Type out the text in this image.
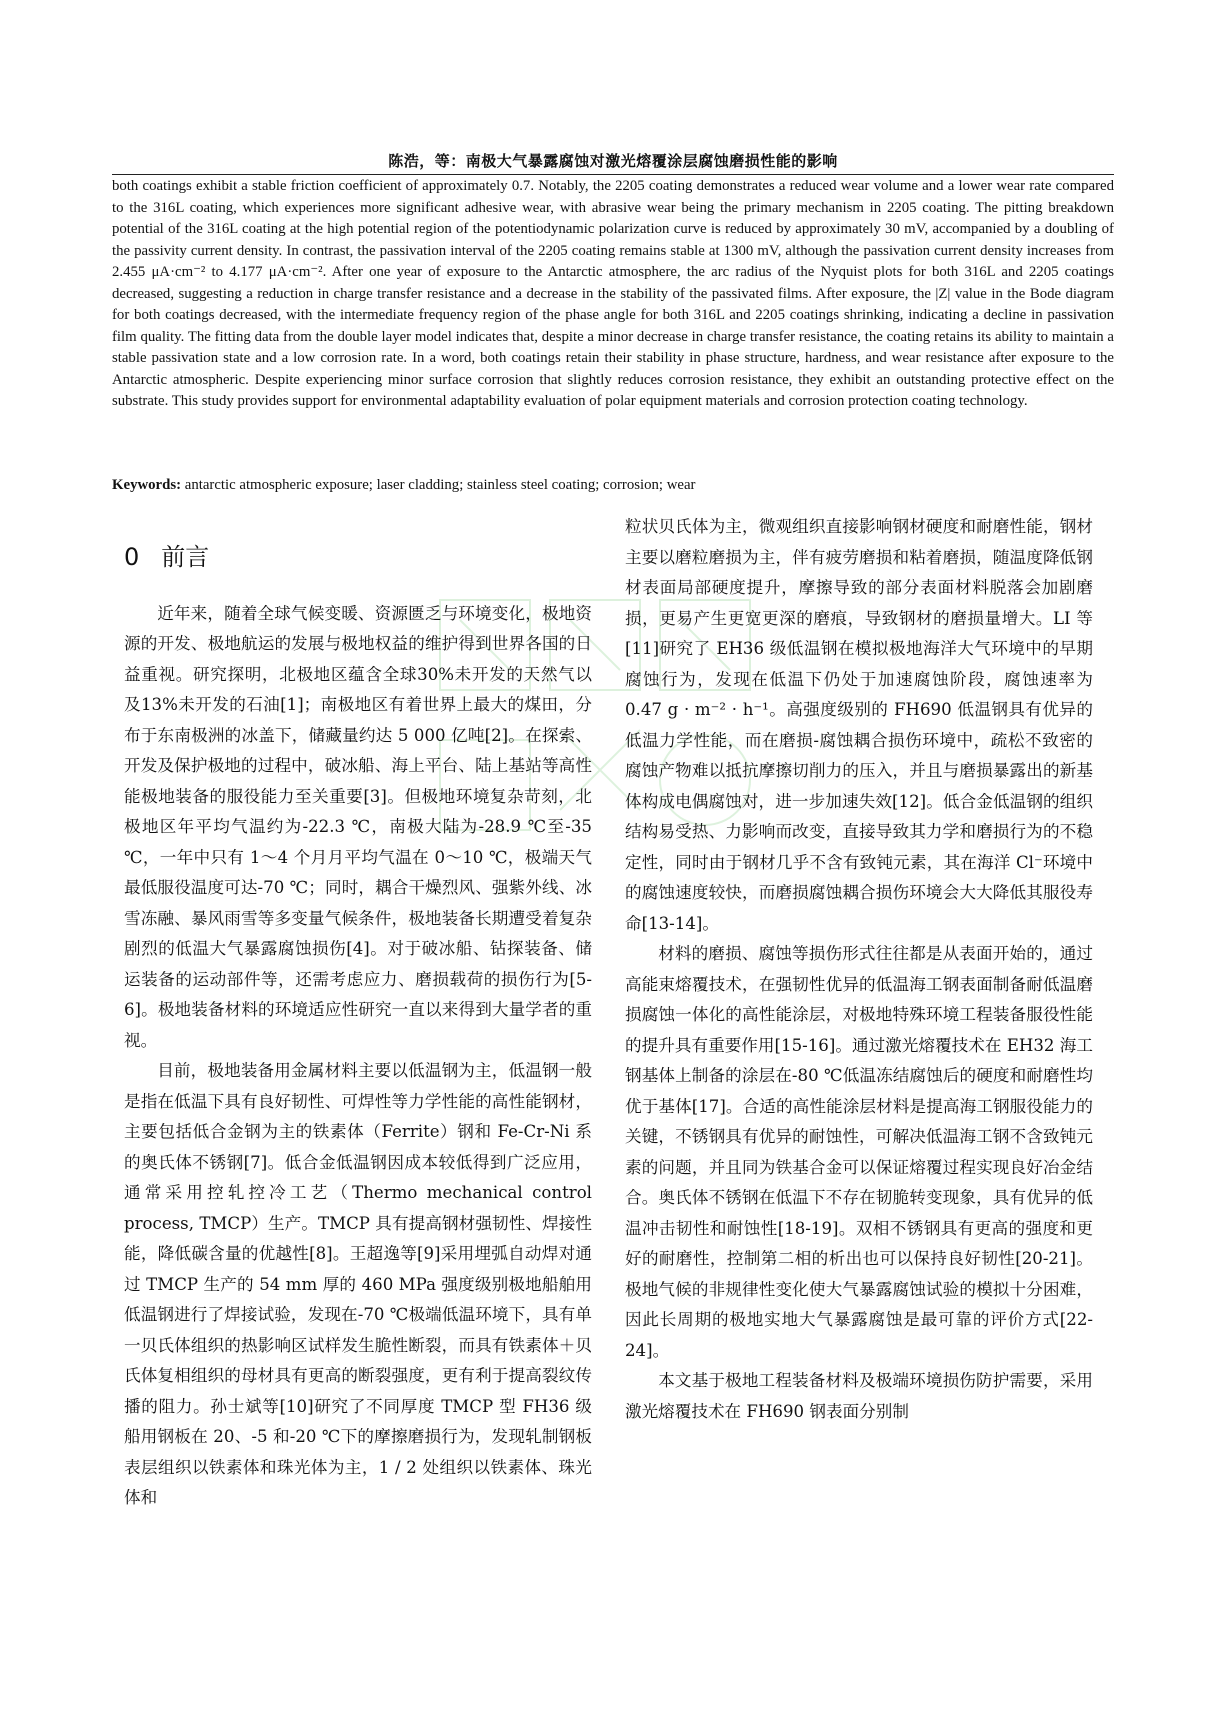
陈浩，等：南极大气暴露腐蚀对激光熔覆涂层腐蚀磨损性能的影响
both coatings exhibit a stable friction coefficient of approximately 0.7. Notably, the 2205 coating demonstrates a reduced wear volume and a lower wear rate compared to the 316L coating, which experiences more significant adhesive wear, with abrasive wear being the primary mechanism in 2205 coating. The pitting breakdown potential of the 316L coating at the high potential region of the potentiodynamic polarization curve is reduced by approximately 30 mV, accompanied by a doubling of the passivity current density. In contrast, the passivation interval of the 2205 coating remains stable at 1300 mV, although the passivation current density increases from 2.455 μA·cm⁻² to 4.177 μA·cm⁻². After one year of exposure to the Antarctic atmosphere, the arc radius of the Nyquist plots for both 316L and 2205 coatings decreased, suggesting a reduction in charge transfer resistance and a decrease in the stability of the passivated films. After exposure, the |Z| value in the Bode diagram for both coatings decreased, with the intermediate frequency region of the phase angle for both 316L and 2205 coatings shrinking, indicating a decline in passivation film quality. The fitting data from the double layer model indicates that, despite a minor decrease in charge transfer resistance, the coating retains its ability to maintain a stable passivation state and a low corrosion rate. In a word, both coatings retain their stability in phase structure, hardness, and wear resistance after exposure to the Antarctic atmospheric. Despite experiencing minor surface corrosion that slightly reduces corrosion resistance, they exhibit an outstanding protective effect on the substrate. This study provides support for environmental adaptability evaluation of polar equipment materials and corrosion protection coating technology.
Keywords: antarctic atmospheric exposure; laser cladding; stainless steel coating; corrosion; wear
0 前言

近年来，随着全球气候变暖、资源匮乏与环境变化，极地资源的开发、极地航运的发展与极地权益的维护得到世界各国的日益重视。研究探明，北极地区蕴含全球30%未开发的天然气以及13%未开发的石油[1]；南极地区有着世界上最大的煤田，分布于东南极洲的冰盖下，储藏量约达 5 000 亿吨[2]。在探索、开发及保护极地的过程中，破冰船、海上平台、陆上基站等高性能极地装备的服役能力至关重要[3]。但极地环境复杂苛刻，北极地区年平均气温约为-22.3 ℃，南极大陆为-28.9 ℃至-35 ℃，一年中只有 1～4 个月月平均气温在 0～10 ℃，极端天气最低服役温度可达-70 ℃；同时，耦合干燥烈风、强紫外线、冰雪冻融、暴风雨雪等多变量气候条件，极地装备长期遭受着复杂剧烈的低温大气暴露腐蚀损伤[4]。对于破冰船、钻探装备、储运装备的运动部件等，还需考虑应力、磨损载荷的损伤行为[5-6]。极地装备材料的环境适应性研究一直以来得到大量学者的重视。

目前，极地装备用金属材料主要以低温钢为主，低温钢一般是指在低温下具有良好韧性、可焊性等力学性能的高性能钢材，主要包括低合金钢为主的铁素体（Ferrite）钢和 Fe-Cr-Ni 系的奥氏体不锈钢[7]。低合金低温钢因成本较低得到广泛应用，通常采用控轧控冷工艺（Thermo mechanical control process, TMCP）生产。TMCP 具有提高钢材强韧性、焊接性能，降低碳含量的优越性[8]。王超逸等[9]采用埋弧自动焊对通过 TMCP 生产的 54 mm 厚的 460 MPa 强度级别极地船舶用低温钢进行了焊接试验，发现在-70 ℃极端低温环境下，具有单一贝氏体组织的热影响区试样发生脆性断裂，而具有铁素体＋贝氏体复相组织的母材具有更高的断裂强度，更有利于提高裂纹传播的阻力。孙士斌等[10]研究了不同厚度 TMCP 型 FH36 级船用钢板在 20、-5 和-20 ℃下的摩擦磨损行为，发现轧制钢板表层组织以铁素体和珠光体为主，1 / 2 处组织以铁素体、珠光体和

粒状贝氏体为主，微观组织直接影响钢材硬度和耐磨性能，钢材主要以磨粒磨损为主，伴有疲劳磨损和粘着磨损，随温度降低钢材表面局部硬度提升，摩擦导致的部分表面材料脱落会加剧磨损，更易产生更宽更深的磨痕，导致钢材的磨损量增大。LI 等[11]研究了 EH36 级低温钢在模拟极地海洋大气环境中的早期腐蚀行为，发现在低温下仍处于加速腐蚀阶段，腐蚀速率为 0.47 g · m⁻² · h⁻¹。高强度级别的 FH690 低温钢具有优异的低温力学性能，而在磨损-腐蚀耦合损伤环境中，疏松不致密的腐蚀产物难以抵抗摩擦切削力的压入，并且与磨损暴露出的新基体构成电偶腐蚀对，进一步加速失效[12]。低合金低温钢的组织结构易受热、力影响而改变，直接导致其力学和磨损行为的不稳定性，同时由于钢材几乎不含有致钝元素，其在海洋 Cl⁻环境中的腐蚀速度较快，而磨损腐蚀耦合损伤环境会大大降低其服役寿命[13-14]。

材料的磨损、腐蚀等损伤形式往往都是从表面开始的，通过高能束熔覆技术，在强韧性优异的低温海工钢表面制备耐低温磨损腐蚀一体化的高性能涂层，对极地特殊环境工程装备服役性能的提升具有重要作用[15-16]。通过激光熔覆技术在 EH32 海工钢基体上制备的涂层在-80 ℃低温冻结腐蚀后的硬度和耐磨性均优于基体[17]。合适的高性能涂层材料是提高海工钢服役能力的关键，不锈钢具有优异的耐蚀性，可解决低温海工钢不含致钝元素的问题，并且同为铁基合金可以保证熔覆过程实现良好冶金结合。奥氏体不锈钢在低温下不存在韧脆转变现象，具有优异的低温冲击韧性和耐蚀性[18-19]。双相不锈钢具有更高的强度和更好的耐磨性，控制第二相的析出也可以保持良好韧性[20-21]。极地气候的非规律性变化使大气暴露腐蚀试验的模拟十分困难，因此长周期的极地实地大气暴露腐蚀是最可靠的评价方式[22-24]。

本文基于极地工程装备材料及极端环境损伤防护需要，采用激光熔覆技术在 FH690 钢表面分别制
